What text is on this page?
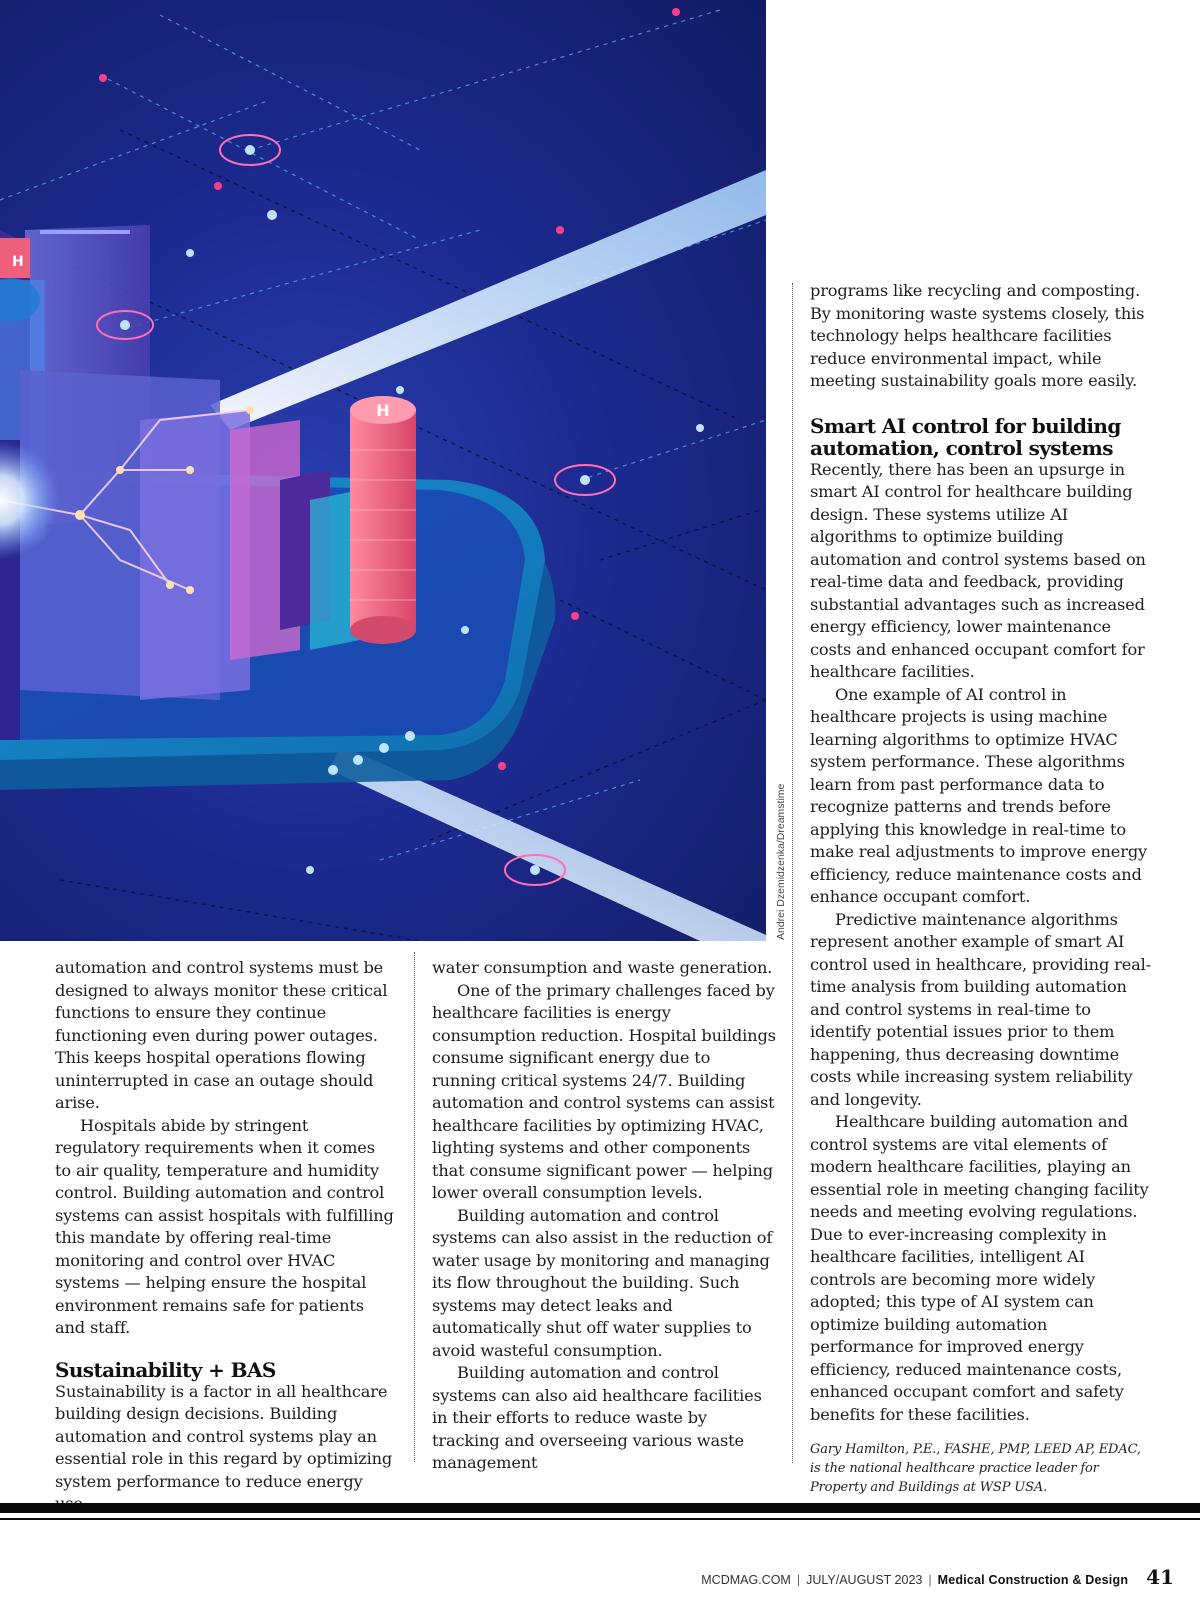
H
H
Andrei Dzemidzenka/Dreamstime

automation and control systems must be designed to always monitor these critical functions to ensure they continue functioning even during power outages. This keeps hospital operations flowing uninterrupted in case an outage should arise.

Hospitals abide by stringent regulatory requirements when it comes to air quality, temperature and humidity control. Building automation and control systems can assist hospitals with fulfilling this mandate by offering real-time monitoring and control over HVAC systems — helping ensure the hospital environment remains safe for patients and staff.

Sustainability + BAS

Sustainability is a factor in all healthcare building design decisions. Building automation and control systems play an essential role in this regard by optimizing system performance to reduce energy

water consumption and waste generation.

One of the primary challenges faced by healthcare facilities is energy consumption reduction. Hospital buildings consume significant energy due to running critical systems 24/7. Building automation and control systems can assist healthcare facilities by optimizing HVAC, lighting systems and other components that consume significant power — helping lower overall consumption levels.

Building automation and control systems can also assist in the reduction of water usage by monitoring and managing its flow throughout the building. Such systems may detect leaks and automatically shut off water supplies to avoid wasteful consumption.

Building automation and control systems can also aid healthcare facilities in their efforts to reduce waste by tracking and overseeing various waste management

programs like recycling and composting. By monitoring waste systems closely, this technology helps healthcare facilities reduce environmental impact, while meeting sustainability goals more easily.

Smart AI control for building automation, control systems

Recently, there has been an upsurge in smart AI control for healthcare building design. These systems utilize AI algorithms to optimize building automation and control systems based on real-time data and feedback, providing substantial advantages such as increased energy efficiency, lower maintenance costs and enhanced occupant comfort for healthcare facilities.

One example of AI control in healthcare projects is using machine learning algorithms to optimize HVAC system performance. These algorithms learn from past performance data to recognize patterns and trends before applying this knowledge in real-time to make real adjustments to improve energy efficiency, reduce maintenance costs and enhance occupant comfort.

Predictive maintenance algorithms represent another example of smart AI control used in healthcare, providing real-time analysis from building automation and control systems in real-time to identify potential issues prior to them happening, thus decreasing downtime costs while increasing system reliability and longevity.

Healthcare building automation and control systems are vital elements of modern healthcare facilities, playing an essential role in meeting changing facility needs and meeting evolving regulations. Due to ever-increasing complexity in healthcare facilities, intelligent AI controls are becoming more widely adopted; this type of AI system can optimize building automation performance for improved energy efficiency, reduced maintenance costs, enhanced occupant comfort and safety benefits for these facilities.

Gary Hamilton, P.E., FASHE, PMP, LEED AP, EDAC, is the national healthcare practice leader for Property and Buildings at WSP USA.

MCDMAG.COM | JULY/AUGUST 2023 | Medical Construction & Design 41
